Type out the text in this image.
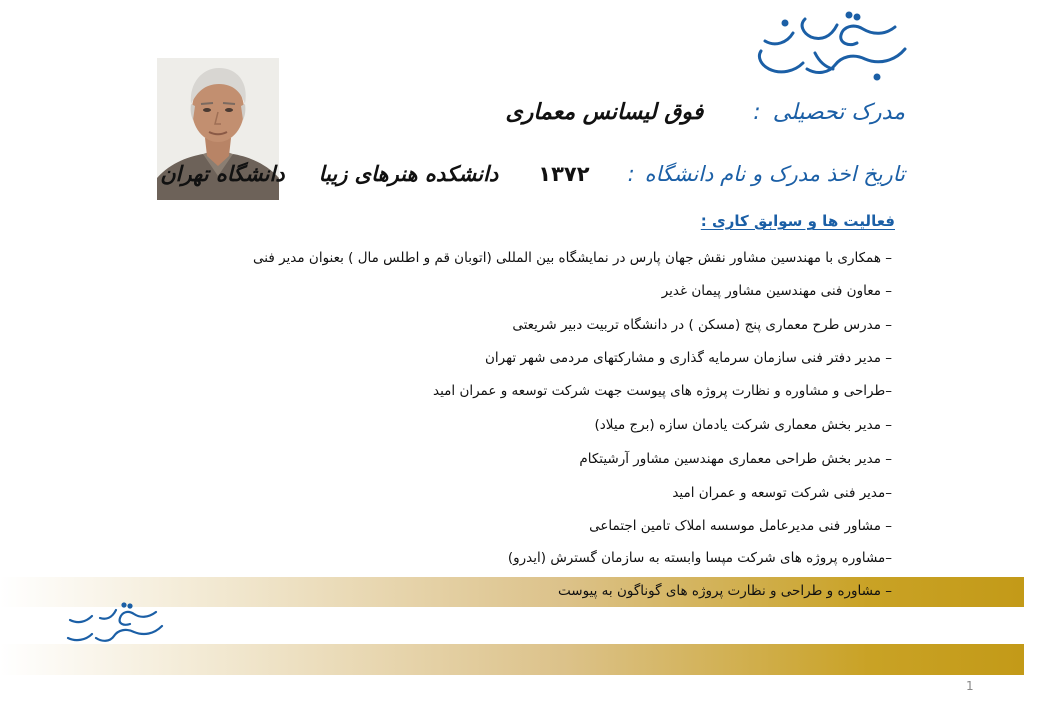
مدرک تحصیلی:فوق لیسانس معماری
تاریخ اخذ مدرک و نام دانشگاه:۱۳۷۲دانشکده هنرهای زیبادانشگاه تهران
فعالیت ها و سوابق کاری :
– همکاری با مهندسین مشاور نقش جهان پارس در نمایشگاه بین المللی (اتوبان قم و اطلس مال ) بعنوان مدیر فنی
– معاون فنی مهندسین مشاور پیمان غدیر
– مدرس طرح معماری پنج (مسکن ) در دانشگاه تربیت دبیر شریعتی
– مدیر دفتر فنی سازمان سرمایه گذاری و مشارکتهای مردمی شهر تهران
–طراحی و مشاوره و نظارت پروژه های پیوست جهت شرکت توسعه و عمران امید
– مدیر بخش معماری شرکت یادمان سازه (برج میلاد)
– مدیر بخش طراحی معماری مهندسین مشاور آرشیتکام
–مدیر فنی شرکت توسعه و عمران امید
– مشاور فنی مدیرعامل موسسه املاک تامین اجتماعی
–مشاوره پروژه های شرکت مپسا وابسته به سازمان گسترش (ایدرو)
– مشاوره و طراحی و نظارت پروژه های گوناگون به پیوست
1
